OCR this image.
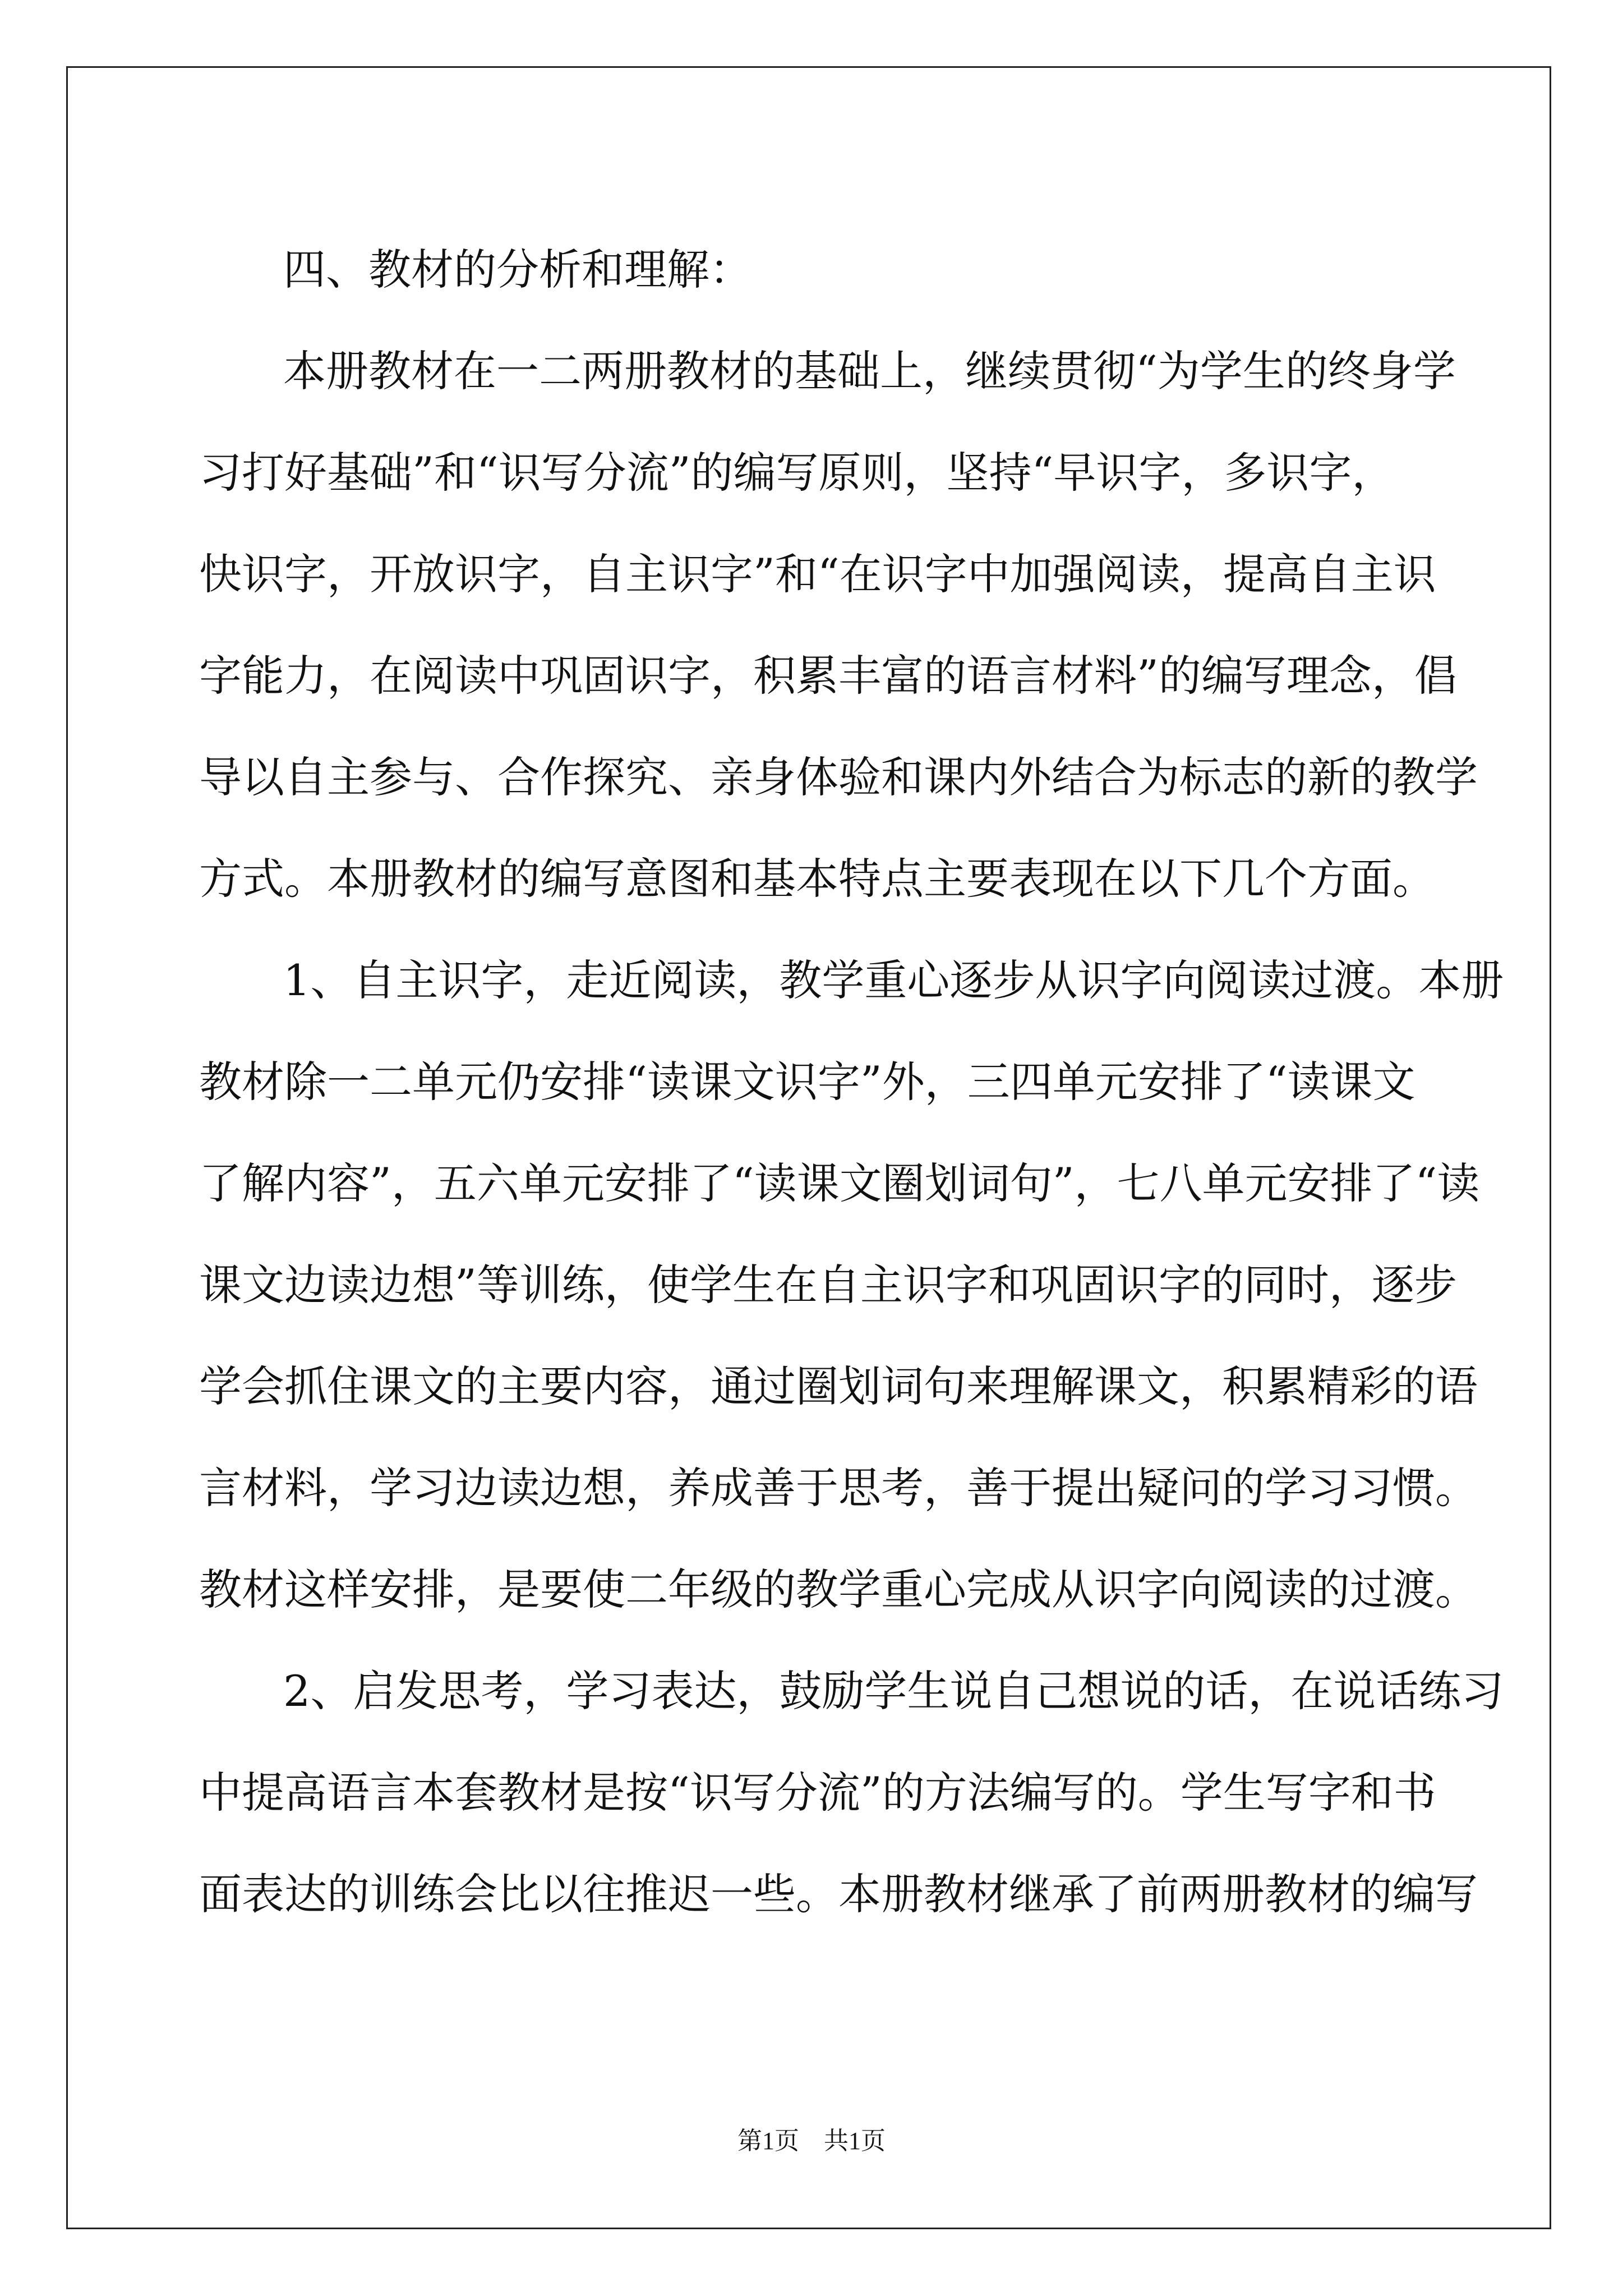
四、教材的分析和理解：
本册教材在一二两册教材的基础上，继续贯彻“为学生的终身学
习打好基础”和“识写分流”的编写原则，坚持“早识字，多识字，
快识字，开放识字，自主识字”和“在识字中加强阅读，提高自主识
字能力，在阅读中巩固识字，积累丰富的语言材料”的编写理念，倡
导以自主参与、合作探究、亲身体验和课内外结合为标志的新的教学
方式。本册教材的编写意图和基本特点主要表现在以下几个方面。
1、自主识字，走近阅读，教学重心逐步从识字向阅读过渡。本册
教材除一二单元仍安排“读课文识字”外，三四单元安排了“读课文
了解内容”，五六单元安排了“读课文圈划词句”，七八单元安排了“读
课文边读边想”等训练，使学生在自主识字和巩固识字的同时，逐步
学会抓住课文的主要内容，通过圈划词句来理解课文，积累精彩的语
言材料，学习边读边想，养成善于思考，善于提出疑问的学习习惯。
教材这样安排，是要使二年级的教学重心完成从识字向阅读的过渡。
2、启发思考，学习表达，鼓励学生说自己想说的话，在说话练习
中提高语言本套教材是按“识写分流”的方法编写的。学生写字和书
面表达的训练会比以往推迟一些。本册教材继承了前两册教材的编写
第1页　共1页
